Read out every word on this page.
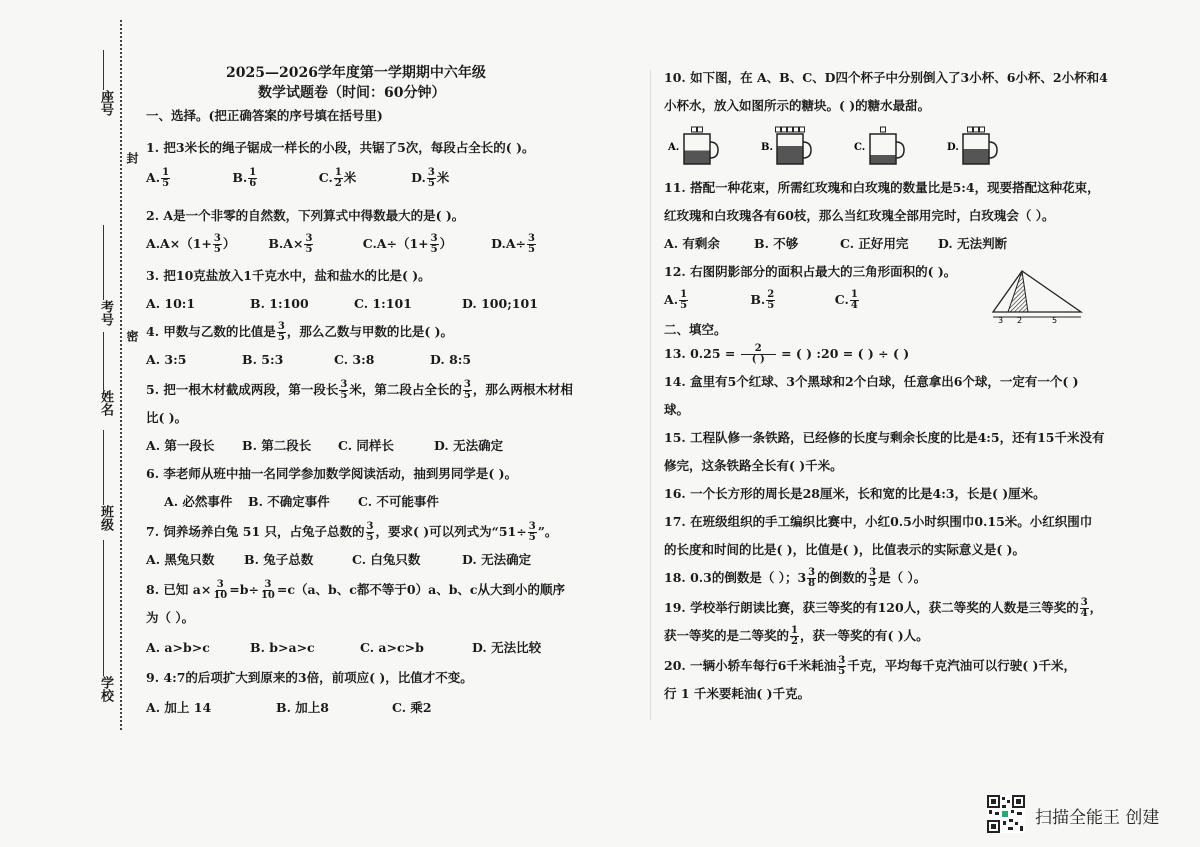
座号
考号
姓名
班级
学校
封
密
2025—2026学年度第一学期期中六年级
数学试题卷（时间：60分钟）
一、选择。(把正确答案的序号填在括号里)
1. 把3米长的绳子锯成一样长的小段，共锯了5次，每段占全长的( )。
A. $\frac{1}{5}$	B. $\frac{1}{6}$	C. $\frac{1}{2}$ 米	D. $\frac{3}{5}$ 米
2. A是一个非零的自然数，下列算式中得数最大的是( )。
$A.A\times(1+ \frac{3}{5}$ ）	$B.A\times \frac{3}{5}$	$C.A\div(1+ \frac{3}{5}$ ）	$D.A\div \frac{3}{5}$
3. 把10克盐放入1千克水中，盐和盐水的比是( )。
A. 10:1	B. 1:100	C. 1:101	D. 100;101
4. 甲数与乙数的比值是 $\frac{3}{5}$ ，那么乙数与甲数的比是( )。
A. 3:5	B. 5:3	C. 3:8	D. 8:5
5. 把一根木材截成两段，第一段长 $\frac{3}{5}$ 米，第二段占全长的 $\frac{3}{5}$ ，那么两根木材相
比( )。
A. 第一段长 B. 第二段长 C. 同样长	D. 无法确定
6. 李老师从班中抽一名同学参加数学阅读活动，抽到男同学是( )。
A. 必然事件 B. 不确定事件 C. 不可能事件
7. 饲养场养白兔 51 只，占兔子总数的 $\frac{3}{5}$ ，要求( )可以列式为“$51\div \frac{3}{5}$ ”。
A. 黑兔只数 B. 兔子总数	C. 白兔只数	D. 无法确定
8. 已知 $a\times \frac{3}{10} =b\div \frac{3}{10} =c(a$、b、c都不等于0）a、b、c从大到小的顺序
为（ ）。
A. a>b>c	B. b>a>c	C. a>c>b	D. 无法比较
9. 4:7的后项扩大到原来的3倍，前项应( )，比值才不变。
A. 加上 14	B. 加上8	C. 乘2
10. 如下图，在 A、B、C、D四个杯子中分别倒入了3小杯、6小杯、2小杯和4
小杯水，放入如图所示的糖块。( )的糖水最甜。
A.	B.	C.	D.
11. 搭配一种花束，所需红玫瑰和白玫瑰的数量比是5:4，现要搭配这种花束，
红玫瑰和白玫瑰各有60枝，那么当红玫瑰全部用完时，白玫瑰会（ ）。
A. 有剩余	B. 不够	C. 正好用完 D. 无法判断
12. 右图阴影部分的面积占最大的三角形面积的( )。
A. $\frac{1}{5}$	B. $\frac{2}{5}$	C. $\frac{1}{4}$
二、填空。
13. $0.25 = \frac{2}{( )}$ = ( ) :20 = ( ) ÷ ( )
14. 盒里有5个红球、3个黑球和2个白球，任意拿出6个球，一定有一个( )
球。
15. 工程队修一条铁路，已经修的长度与剩余长度的比是4:5，还有15千米没有
修完，这条铁路全长有( )千米。
16. 一个长方形的周长是28厘米，长和宽的比是4:3，长是( )厘米。
17. 在班级组织的手工编织比赛中，小红0.5小时织围巾0.15米。小红织围巾
的长度和时间的比是( )，比值是( )，比值表示的实际意义是( )。
18. 0.3的倒数是（ ）；$3 \frac{3}{8}$ 的倒数的 $\frac{3}{5}$ 是（ ）。
19. 学校举行朗读比赛，获三等奖的有120人，获二等奖的人数是三等奖的 $\frac{3}{4}$ ，
获一等奖的是二等奖的 $\frac{1}{2}$ ，获一等奖的有( )人。
20. 一辆小轿车每行6千米耗油 $\frac{3}{5}$ 千克，平均每千克汽油可以行驶( )千米，
行 1 千米要耗油( )千克。
3 2	5
扫描全能王 创建
